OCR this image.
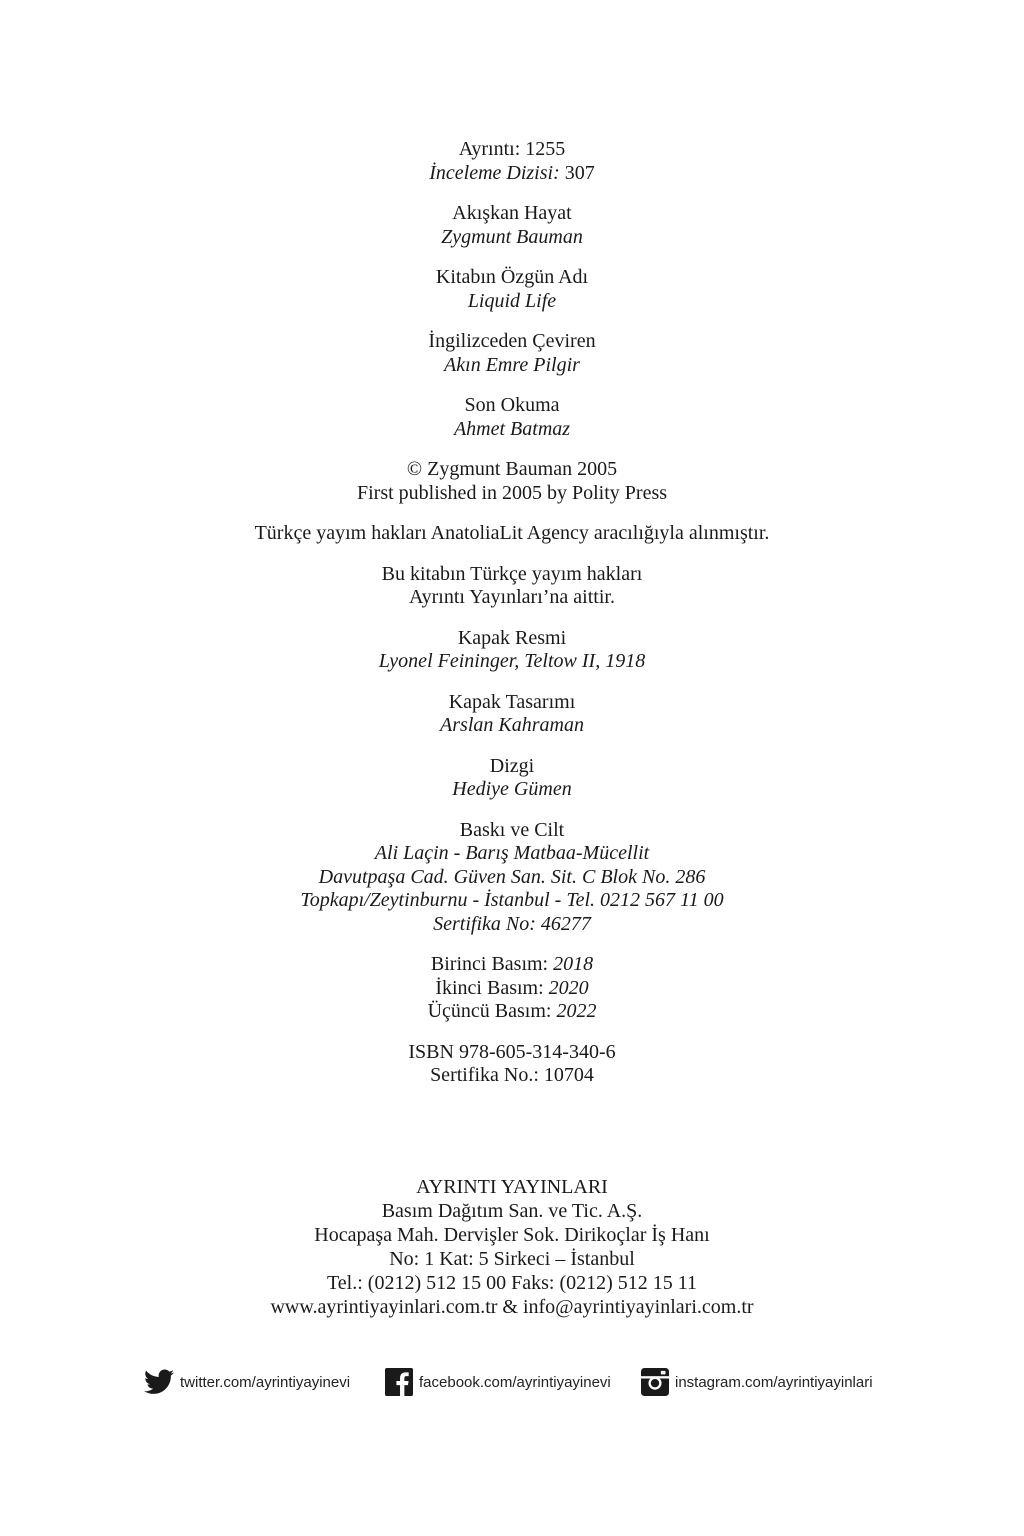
Ayrıntı: 1255
İnceleme Dizisi: 307
Akışkan Hayat
Zygmunt Bauman
Kitabın Özgün Adı
Liquid Life
İngilizceden Çeviren
Akın Emre Pilgir
Son Okuma
Ahmet Batmaz
© Zygmunt Bauman 2005
First published in 2005 by Polity Press
Türkçe yayım hakları AnatoliaLit Agency aracılığıyla alınmıştır.
Bu kitabın Türkçe yayım hakları
Ayrıntı Yayınları’na aittir.
Kapak Resmi
Lyonel Feininger, Teltow II, 1918
Kapak Tasarımı
Arslan Kahraman
Dizgi
Hediye Gümen
Baskı ve Cilt
Ali Laçin - Barış Matbaa-Mücellit
Davutpaşa Cad. Güven San. Sit. C Blok No. 286
Topkapı/Zeytinburnu - İstanbul - Tel. 0212 567 11 00
Sertifika No: 46277
Birinci Basım: 2018
İkinci Basım: 2020
Üçüncü Basım: 2022
ISBN 978-605-314-340-6
Sertifika No.: 10704
AYRINTI YAYINLARI
Basım Dağıtım San. ve Tic. A.Ş.
Hocapaşa Mah. Dervişler Sok. Dirikoçlar İş Hanı
No: 1 Kat: 5 Sirkeci – İstanbul
Tel.: (0212) 512 15 00 Faks: (0212) 512 15 11
www.ayrintiyayinlari.com.tr & info@ayrintiyayinlari.com.tr
twitter.com/ayrintiyayinevi	facebook.com/ayrintiyayinevi	instagram.com/ayrintiyayinlari
